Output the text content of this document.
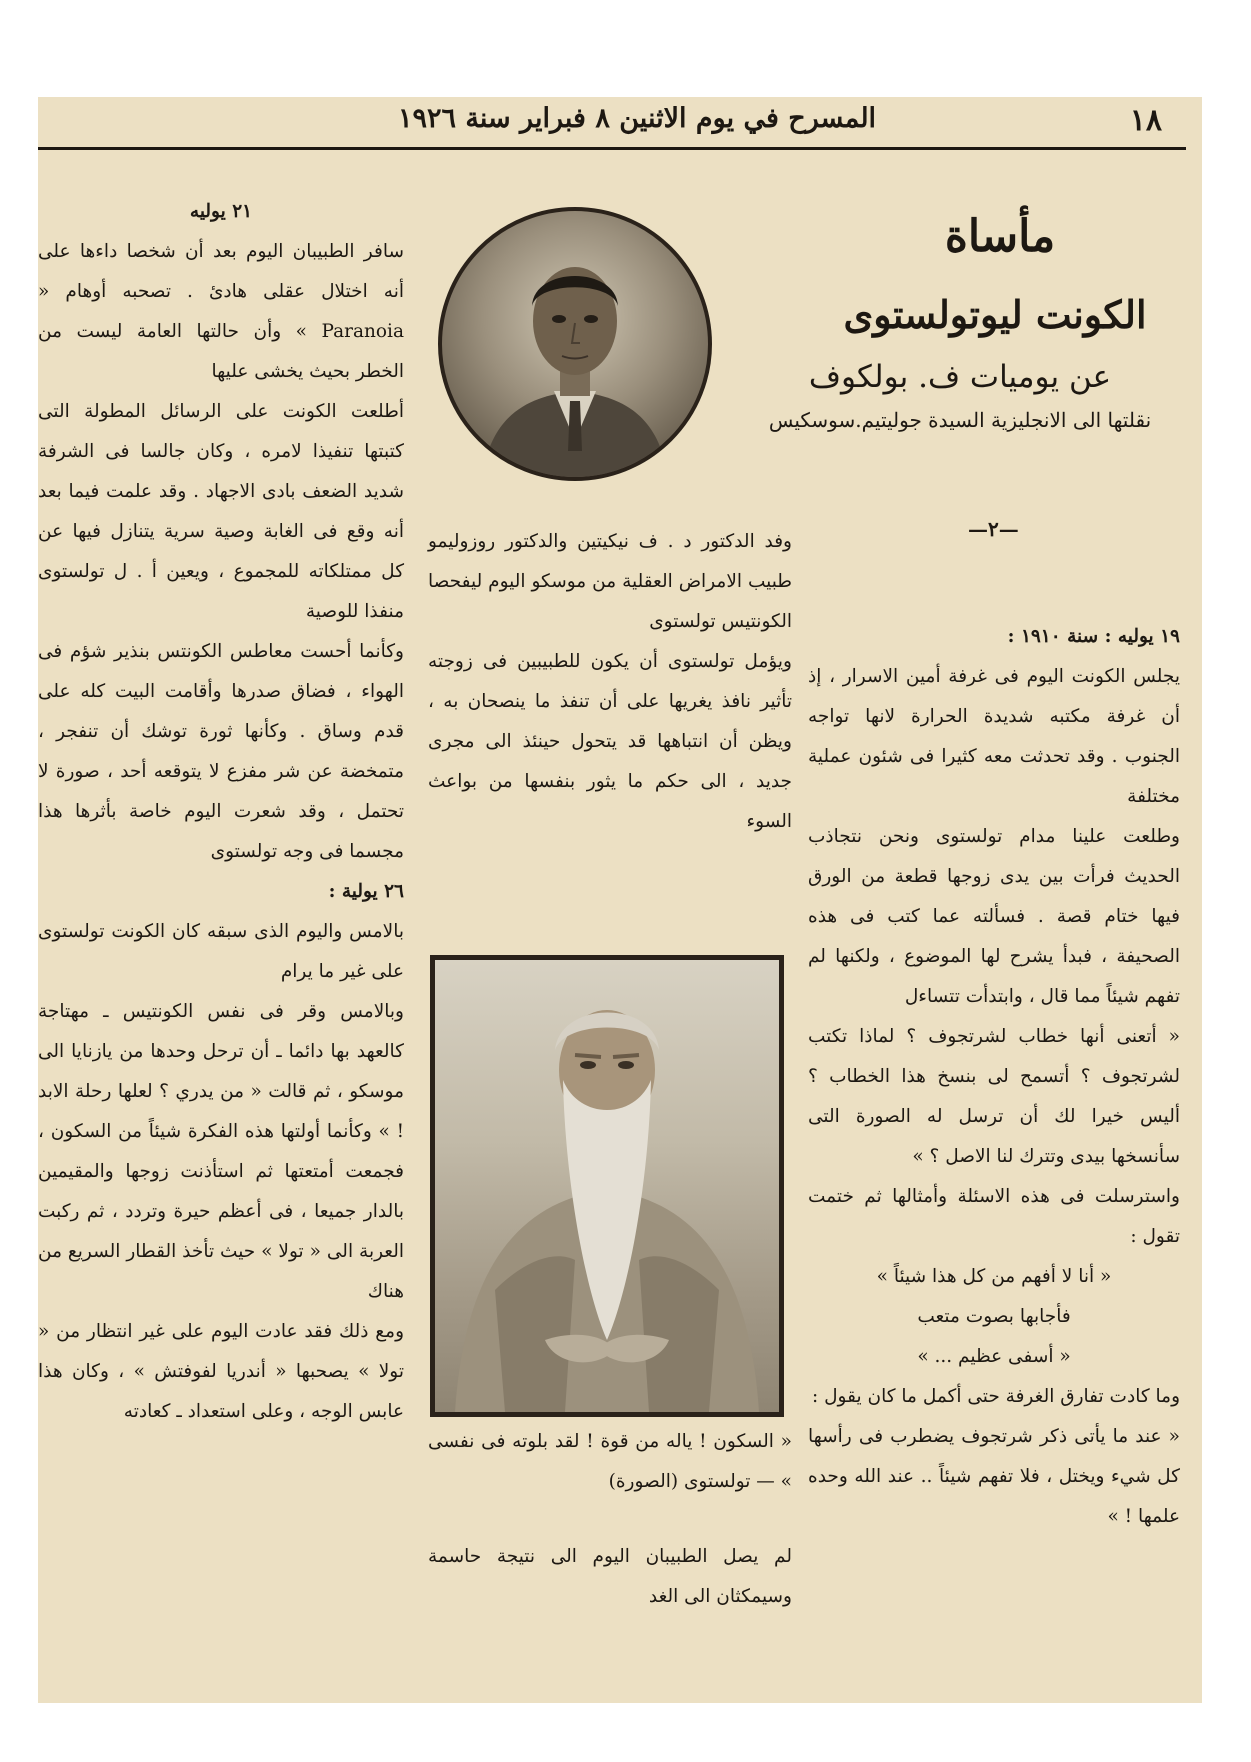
١٨
المسرح في يوم الاثنين ٨ فبراير سنة ١٩٢٦
مأساة
الكونت ليوتولستوى
عن يوميات ف. بولكوف
نقلتها الى الانجليزية السيدة جوليتيم.سوسكيس
—٢—

١٩ يوليه : سنة ١٩١٠ :

يجلس الكونت اليوم فى غرفة أمين الاسرار ، إذ أن غرفة مكتبه شديدة الحرارة لانها تواجه الجنوب . وقد تحدثت معه كثيرا فى شئون عملية مختلفة

وطلعت علينا مدام تولستوى ونحن نتجاذب الحديث فرأت بين يدى زوجها قطعة من الورق فيها ختام قصة . فسألته عما كتب فى هذه الصحيفة ، فبدأ يشرح لها الموضوع ، ولكنها لم تفهم شيئاً مما قال ، وابتدأت تتساءل

« أتعنى أنها خطاب لشرتجوف ؟ لماذا تكتب لشرتجوف ؟ أتسمح لى بنسخ هذا الخطاب ؟ أليس خيرا لك أن ترسل له الصورة التى سأنسخها بيدى وتترك لنا الاصل ؟ »

واسترسلت فى هذه الاسئلة وأمثالها ثم ختمت تقول :

« أنا لا أفهم من كل هذا شيئاً »

فأجابها بصوت متعب

« أسفى عظيم ... »

وما كادت تفارق الغرفة حتى أكمل ما كان يقول :

« عند ما يأتى ذكر شرتجوف يضطرب فى رأسها كل شيء ويختل ، فلا تفهم شيئاً .. عند الله وحده علمها ! »

وفد الدكتور د . ف نيكيتين والدكتور روزوليمو طبيب الامراض العقلية من موسكو اليوم ليفحصا الكونتيس تولستوى

ويؤمل تولستوى أن يكون للطبيبين فى زوجته تأثير نافذ يغريها على أن تنفذ ما ينصحان به ، ويظن أن انتباهها قد يتحول حينئذ الى مجرى جديد ، الى حكم ما يثور بنفسها من بواعث السوء

« السكون ! ياله من قوة ! لقد بلوته فى نفسى » — تولستوى (الصورة)
لم يصل الطبيبان اليوم الى نتيجة حاسمة وسيمكثان الى الغد

٢١ يوليه

سافر الطبيبان اليوم بعد أن شخصا داءها على أنه اختلال عقلى هادئ . تصحبه أوهام « Paranoia » وأن حالتها العامة ليست من الخطر بحيث يخشى عليها

أطلعت الكونت على الرسائل المطولة التى كتبتها تنفيذا لامره ، وكان جالسا فى الشرفة شديد الضعف بادى الاجهاد . وقد علمت فيما بعد أنه وقع فى الغابة وصية سرية يتنازل فيها عن كل ممتلكاته للمجموع ، ويعين أ . ل تولستوى منفذا للوصية

وكأنما أحست معاطس الكونتس بنذير شؤم فى الهواء ، فضاق صدرها وأقامت البيت كله على قدم وساق . وكأنها ثورة توشك أن تنفجر ، متمخضة عن شر مفزع لا يتوقعه أحد ، صورة لا تحتمل ، وقد شعرت اليوم خاصة بأثرها هذا مجسما فى وجه تولستوى

٢٦ يولية :

بالامس واليوم الذى سبقه كان الكونت تولستوى على غير ما يرام

وبالامس وقر فى نفس الكونتيس ـ مهتاجة كالعهد بها دائما ـ أن ترحل وحدها من يازنايا الى موسكو ، ثم قالت « من يدري ؟ لعلها رحلة الابد ! » وكأنما أولتها هذه الفكرة شيئاً من السكون ، فجمعت أمتعتها ثم استأذنت زوجها والمقيمين بالدار جميعا ، فى أعظم حيرة وتردد ، ثم ركبت العربة الى « تولا » حيث تأخذ القطار السريع من هناك

ومع ذلك فقد عادت اليوم على غير انتظار من « تولا » يصحبها « أندريا لفوفتش » ، وكان هذا عابس الوجه ، وعلى استعداد ـ كعادته
